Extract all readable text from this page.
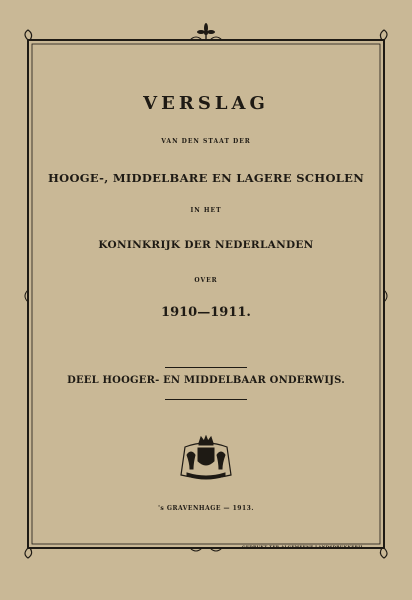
VERSLAG
VAN DEN STAAT DER
HOOGE-, MIDDELBARE EN LAGERE SCHOLEN
IN HET
KONINKRIJK DER NEDERLANDEN
OVER
1910—1911.
DEEL HOOGER- EN MIDDELBAAR ONDERWIJS.
's GRAVENHAGE — 1913.
GEDRUKT TER ALGEMEENE LANDSDRUKKERIJ.
